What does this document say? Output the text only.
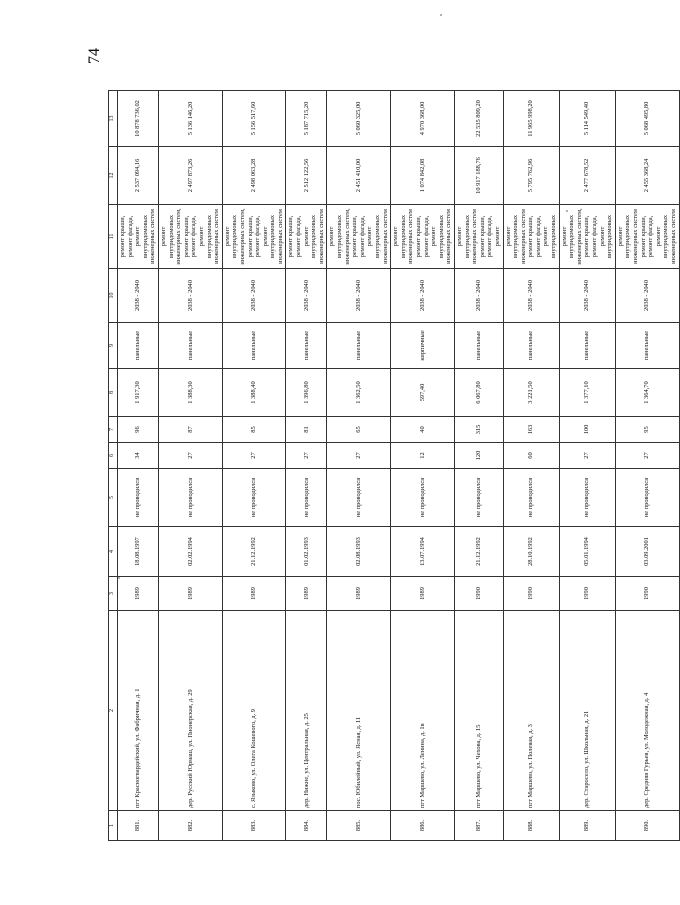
74
1	2	3	4	5	6	7	8	9	10	11	12	13
881.	пгт Красногвардейский, ул. Фабричная, д. 1	1989	18.08.1997	не проводился	34	96	1 917,30	панельные	2038 - 2040	ремонт крыши, ремонт фасада, ремонт внутридомовых инженерных систем	2 537 094,16	10 878 736,02
882.	дер. Русский Юрмаш, ул. Пионерская, д. 29	1989	02.02.1994	не проводился	27	87	1 388,30	панельные	2038 - 2040	ремонт внутридомовых инженерных систем, ремонт крыши, ремонт фасада, ремонт внутридомовых инженерных систем	2 497 873,26	5 136 146,20
883.	с. Языково, ул. Олега Кошевого, д. 9	1989	21.12.1992	не проводился	27	85	1 388,40	панельные	2038 - 2040	ремонт внутридомовых инженерных систем, ремонт крыши, ремонт фасада, ремонт внутридомовых инженерных систем	2 498 063,28	5 156 517,60
884.	дер. Нижне, ул. Центральная, д. 25	1989	01.02.1993	не проводился	27	81	1 396,80	панельные	2038 - 2040	ремонт крыши, ремонт фасада, ремонт внутридомовых инженерных систем	2 512 122,56	5 187 715,20
885.	пос. Юбилейный, ул. Ясная, д. 11	1989	02.08.1993	не проводился	27	65	1 362,50	панельные	2038 - 2040	ремонт внутридомовых инженерных систем, ремонт крыши, ремонт фасада, ремонт внутридомовых инженерных систем	2 451 410,00	5 060 325,00
886.	пгт Маршево, ул. Ленина, д. 1в	1989	13.07.1994	не проводился	12	40	597,40	кирпичные	2038 - 2040	ремонт внутридомовых инженерных систем ремонт крыши, ремонт фасада, ремонт внутридомовых инженерных систем	1 074 842,08	4 970 368,00
887.	пгт Маршево, ул. Чехова, д. 15	1990	21.12.1992	не проводился	120	315	6 067,80	панельные	2038 - 2040	ремонт внутридомовых инженерных систем ремонт крыши, ремонт фасада, ремонт	10 917 188,76	22 535 809,20
888.	пгт Маршево, ул. Полевая, д. 3	1990	28.10.1992	не проводился	60	163	3 221,50	панельные	2038 - 2040	ремонт внутридомовых инженерных систем ремонт крыши, ремонт фасада, ремонт внутридомовых	5 795 762,96	11 965 998,20
889.	дер. Старосело, ул. Школьная, д. 21	1990	05.01.1994	не проводился	27	100	1 377,10	панельные	2038 - 2040	ремонт внутридомовых инженерных систем, ремонт крыши, ремонт фасада, ремонт внутридомовых	2 477 678,52	5 114 549,40
890.	дер. Средняя Гурьев, ул. Молодежная, д. 4	1990	03.09.2001	не проводился	27	95	1 364,70	панельные	2038 - 2040	ремонт внутридомовых инженерных систем ремонт крыши, ремонт фасада, ремонт внутридомовых инженерных систем	2 455 368,24	5 068 495,80
